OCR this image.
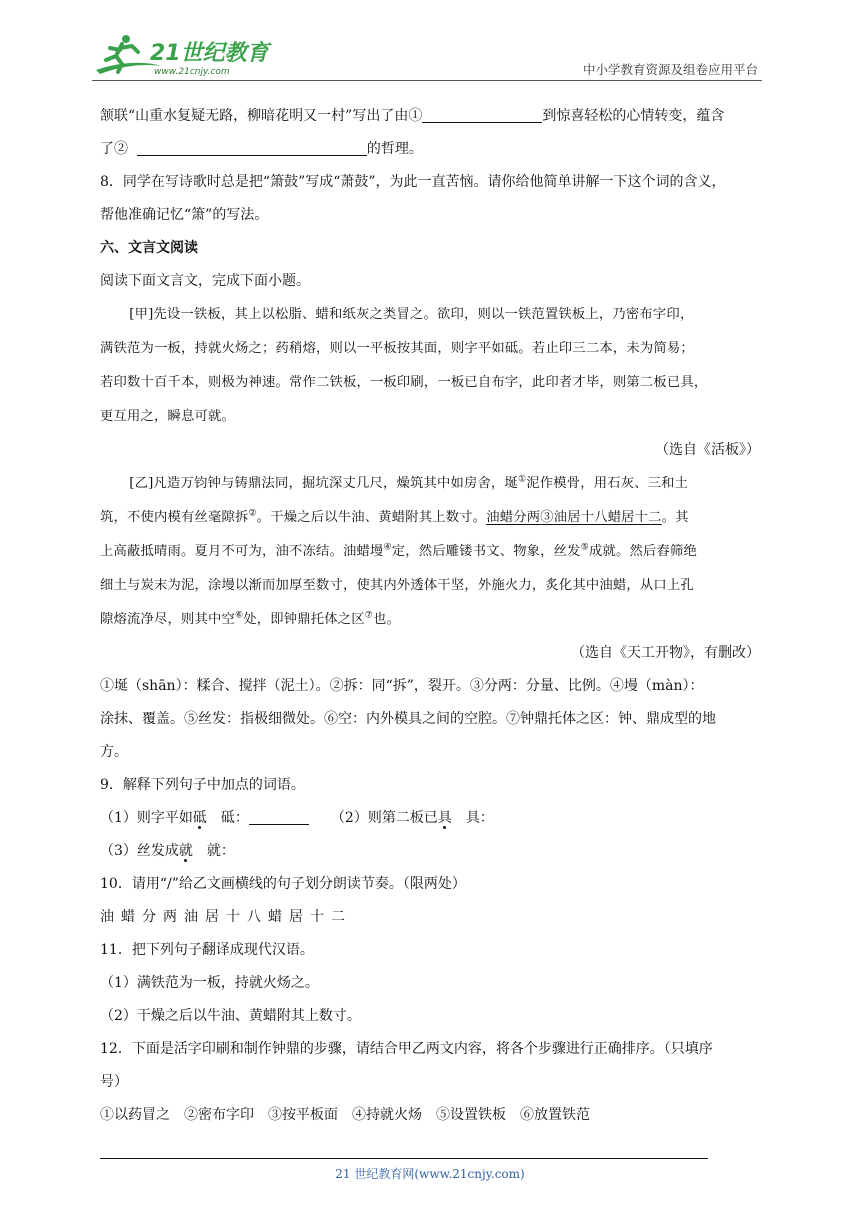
21世纪教育
www.21cnjy.com	中小学教育资源及组卷应用平台

颔联“山重水复疑无路，柳暗花明又一村”写出了由①	到惊喜轻松的心情转变，蕴含

了②	的哲理。

8．同学在写诗歌时总是把“箫鼓”写成“萧鼓”，为此一直苦恼。请你给他简单讲解一下这个词的含义，

帮他准确记忆“箫”的写法。

六、文言文阅读

阅读下面文言文，完成下面小题。

[甲]先设一铁板，其上以松脂、蜡和纸灰之类冒之。欲印，则以一铁范置铁板上，乃密布字印，

满铁范为一板，持就火炀之；药稍熔，则以一平板按其面，则字平如砥。若止印三二本，未为简易；

若印数十百千本，则极为神速。常作二铁板，一板印刷，一板已自布字，此印者才毕，则第二板已具，

更互用之，瞬息可就。

（选自《活板》）

[乙]凡造万钧钟与铸鼎法同，掘坑深丈几尺，燥筑其中如房舍，埏①泥作模骨，用石灰、三和土

筑，不使内模有丝毫隙拆②。干燥之后以牛油、黄蜡附其上数寸。油蜡分两③油居十八蜡居十二。其

上高蔽抵晴雨。夏月不可为，油不冻结。油蜡墁④定，然后雕镂书文、物象，丝发⑤成就。然后舂筛绝

细土与炭末为泥，涂墁以渐而加厚至数寸，使其内外透体干坚，外施火力，炙化其中油蜡，从口上孔

隙熔流净尽，则其中空⑥处，即钟鼎托体之区⑦也。

（选自《天工开物》，有删改）

①埏（shān）：糅合、搅拌（泥土）。②拆：同“拆”，裂开。③分两：分量、比例。④墁（màn）：

涂抹、覆盖。⑤丝发：指极细微处。⑥空：内外模具之间的空腔。⑦钟鼎托体之区：钟、鼎成型的地

方。

9．解释下列句子中加点的词语。

（1）则字平如砥 砥：	（2）则第二板已具 具：

（3）丝发成就 就：

10．请用“/”给乙文画横线的句子划分朗读节奏。（限两处）

油蜡分两油居十八蜡居十二

11．把下列句子翻译成现代汉语。

（1）满铁范为一板，持就火炀之。

（2）干燥之后以牛油、黄蜡附其上数寸。

12．下面是活字印刷和制作钟鼎的步骤，请结合甲乙两文内容，将各个步骤进行正确排序。（只填序

号）

①以药冒之 ②密布字印 ③按平板面 ④持就火炀 ⑤设置铁板 ⑥放置铁范

21 世纪教育网(www.21cnjy.com)
